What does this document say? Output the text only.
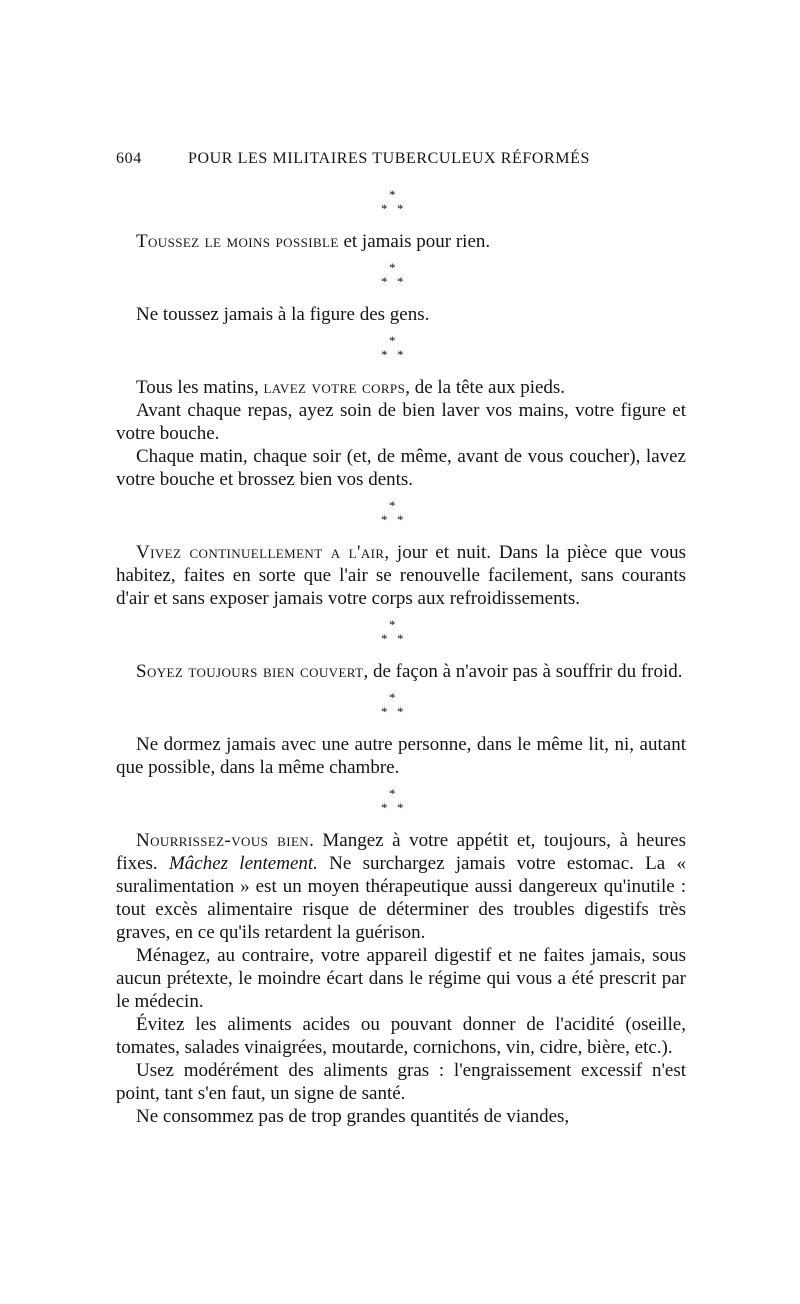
604	POUR LES MILITAIRES TUBERCULEUX RÉFORMÉS
*
* *

Toussez le moins possible et jamais pour rien.

*
* *

Ne toussez jamais à la figure des gens.

*
* *

Tous les matins, lavez votre corps, de la tête aux pieds.

Avant chaque repas, ayez soin de bien laver vos mains, votre figure et votre bouche.

Chaque matin, chaque soir (et, de même, avant de vous coucher), lavez votre bouche et brossez bien vos dents.

*
* *

Vivez continuellement a l'air, jour et nuit. Dans la pièce que vous habitez, faites en sorte que l'air se renouvelle facilement, sans courants d'air et sans exposer jamais votre corps aux refroidissements.

*
* *

Soyez toujours bien couvert, de façon à n'avoir pas à souffrir du froid.

*
* *

Ne dormez jamais avec une autre personne, dans le même lit, ni, autant que possible, dans la même chambre.

*
* *

Nourrissez-vous bien. Mangez à votre appétit et, toujours, à heures fixes. Mâchez lentement. Ne surchargez jamais votre estomac. La « suralimentation » est un moyen thérapeutique aussi dangereux qu'inutile : tout excès alimentaire risque de déterminer des troubles digestifs très graves, en ce qu'ils retardent la guérison.

Ménagez, au contraire, votre appareil digestif et ne faites jamais, sous aucun prétexte, le moindre écart dans le régime qui vous a été prescrit par le médecin.

Évitez les aliments acides ou pouvant donner de l'acidité (oseille, tomates, salades vinaigrées, moutarde, cornichons, vin, cidre, bière, etc.).

Usez modérément des aliments gras : l'engraissement excessif n'est point, tant s'en faut, un signe de santé.

Ne consommez pas de trop grandes quantités de viandes,
